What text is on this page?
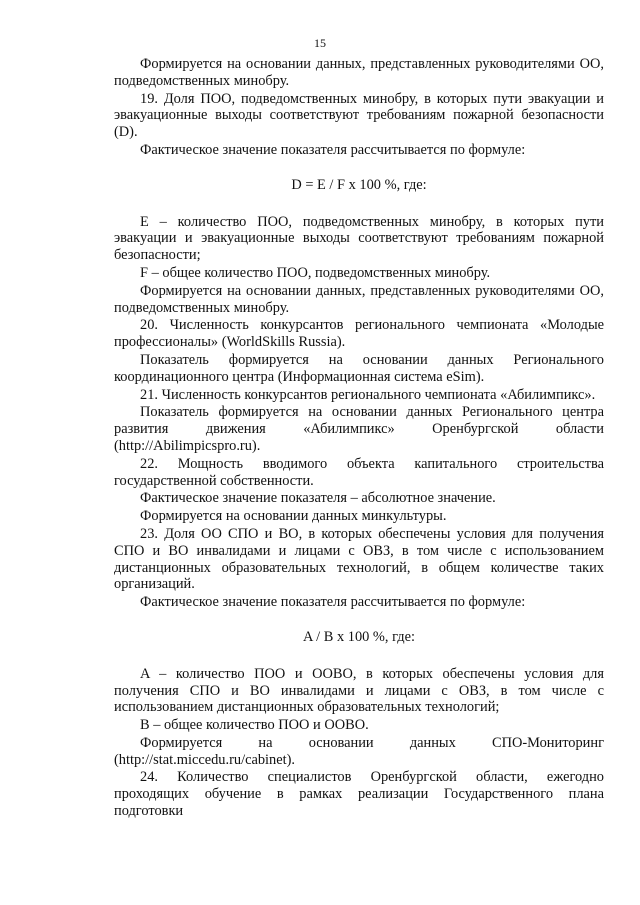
15

Формируется на основании данных, представленных руководителями ОО, подведомственных минобру.

19. Доля ПОО, подведомственных минобру, в которых пути эвакуации и эвакуационные выходы соответствуют требованиям пожарной безопасности (D).

Фактическое значение показателя рассчитывается по формуле:

D = E / F x 100 %, где:

E – количество ПОО, подведомственных минобру, в которых пути эвакуации и эвакуационные выходы соответствуют требованиям пожарной безопасности;

F – общее количество ПОО, подведомственных минобру.

Формируется на основании данных, представленных руководителями ОО, подведомственных минобру.

20. Численность конкурсантов регионального чемпионата «Молодые профессионалы» (WorldSkills Russia).

Показатель формируется на основании данных Регионального координационного центра (Информационная система eSim).

21. Численность конкурсантов регионального чемпионата «Абилимпикс».

Показатель формируется на основании данных Регионального центра развития движения «Абилимпикс» Оренбургской области (http://Abilimpicspro.ru).

22. Мощность вводимого объекта капитального строительства государственной собственности.

Фактическое значение показателя – абсолютное значение.

Формируется на основании данных минкультуры.

23. Доля ОО СПО и ВО, в которых обеспечены условия для получения СПО и ВО инвалидами и лицами с ОВЗ, в том числе с использованием дистанционных образовательных технологий, в общем количестве таких организаций.

Фактическое значение показателя рассчитывается по формуле:

A / B x 100 %, где:

A – количество ПОО и ООВО, в которых обеспечены условия для получения СПО и ВО инвалидами и лицами с ОВЗ, в том числе с использованием дистанционных образовательных технологий;

B – общее количество ПОО и ООВО.

Формируется на основании данных СПО-Мониторинг (http://stat.miccedu.ru/cabinet).

24. Количество специалистов Оренбургской области, ежегодно проходящих обучение в рамках реализации Государственного плана подготовки
